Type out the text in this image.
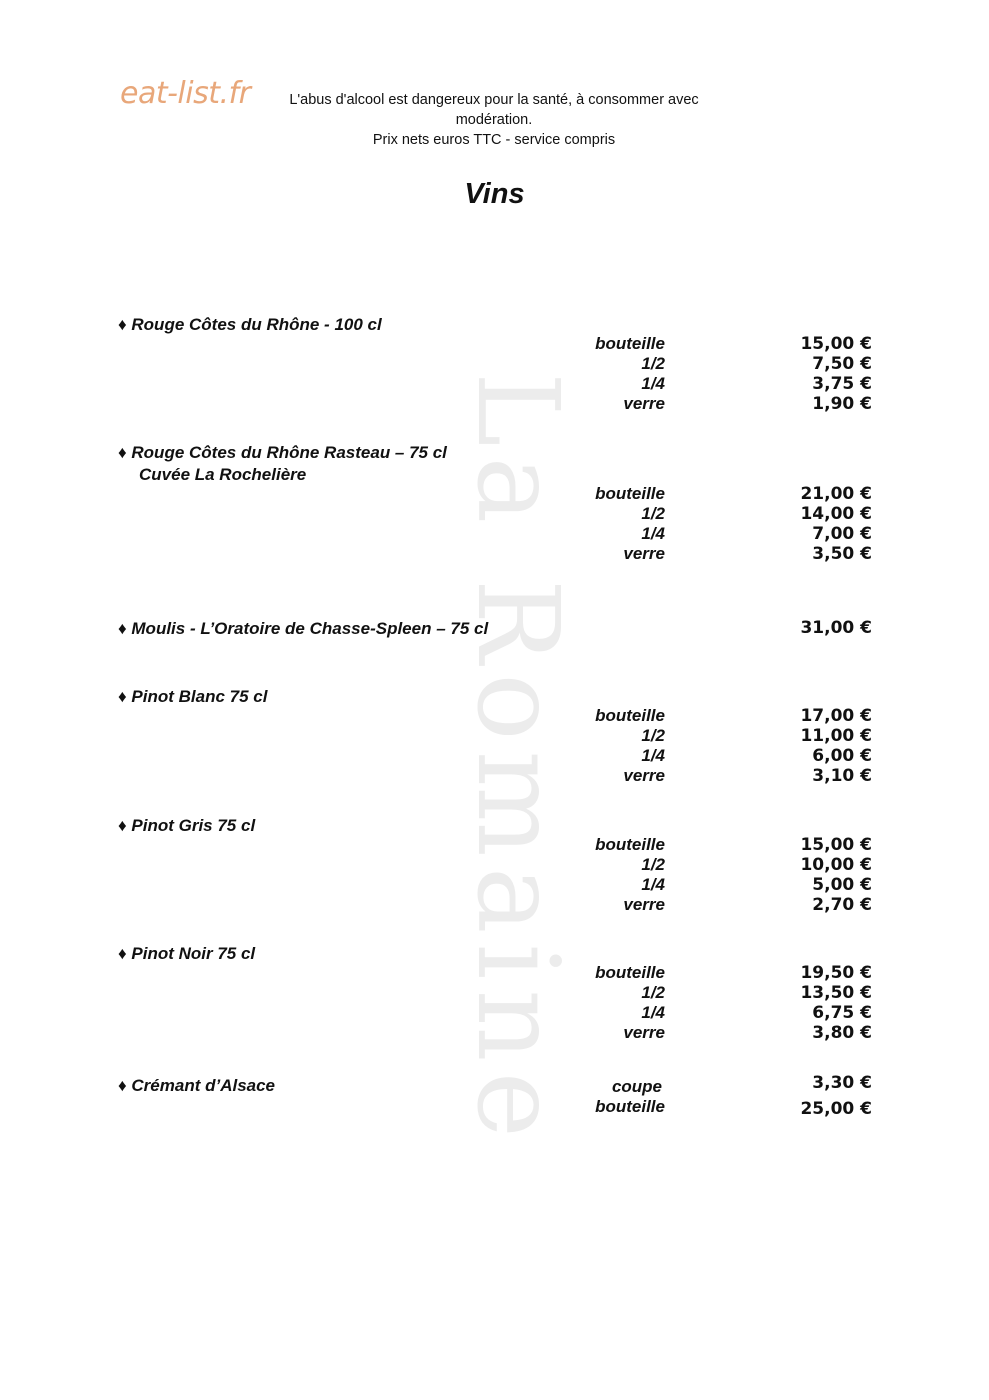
eat-list.fr	L'abus d'alcool est dangereux pour la santé, à consommer avec modération.
Prix nets euros TTC - service compris
Vins
La Romaine
♦ Rouge Côtes du Rhône - 100 cl
bouteille	15,00 €
1/2	7,50 €
1/4	3,75 €
verre	1,90 €
♦ Rouge Côtes du Rhône Rasteau – 75 cl
Cuvée La Rochelière
bouteille	21,00 €
1/2	14,00 €
1/4	7,00 €
verre	3,50 €
♦ Moulis - L’Oratoire de Chasse-Spleen – 75 cl	31,00 €
♦ Pinot Blanc 75 cl
bouteille	17,00 €
1/2	11,00 €
1/4	6,00 €
verre	3,10 €
♦ Pinot Gris 75 cl
bouteille	15,00 €
1/2	10,00 €
1/4	5,00 €
verre	2,70 €
♦ Pinot Noir 75 cl
bouteille	19,50 €
1/2	13,50 €
1/4	6,75 €
verre	3,80 €
♦ Crémant d’Alsace	coupe	3,30 €
bouteille	25,00 €
